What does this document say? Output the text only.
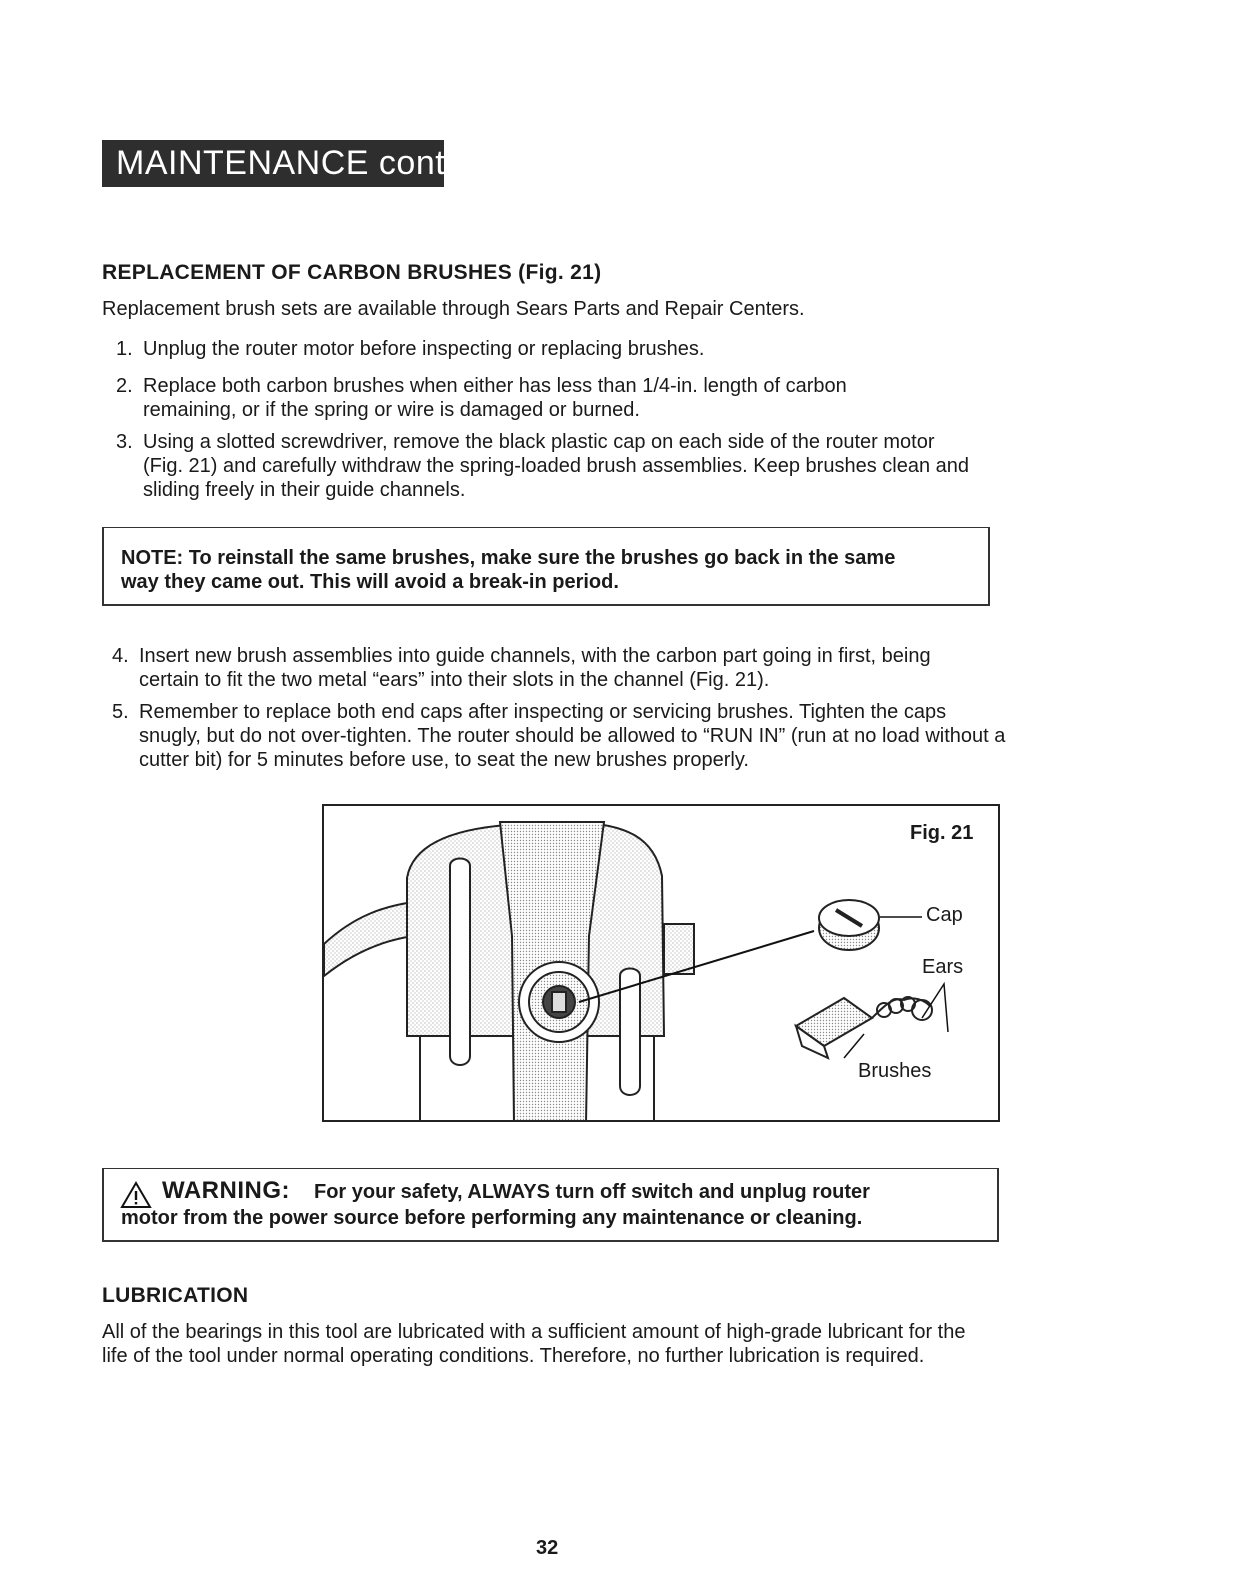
MAINTENANCE cont.
REPLACEMENT OF CARBON BRUSHES (Fig. 21)
Replacement brush sets are available through Sears Parts and Repair Centers.
1. Unplug the router motor before inspecting or replacing brushes.
2. Replace both carbon brushes when either has less than 1/4-in. length of carbon remaining, or if the spring or wire is damaged or burned.
3. Using a slotted screwdriver, remove the black plastic cap on each side of the router motor (Fig. 21) and carefully withdraw the spring-loaded brush assemblies. Keep brushes clean and sliding freely in their guide channels.
NOTE: To reinstall the same brushes, make sure the brushes go back in the same way they came out. This will avoid a break-in period.
4. Insert new brush assemblies into guide channels, with the carbon part going in first, being certain to fit the two metal “ears” into their slots in the channel (Fig. 21).
5. Remember to replace both end caps after inspecting or servicing brushes. Tighten the caps snugly, but do not over-tighten. The router should be allowed to “RUN IN” (run at no load without a cutter bit) for 5 minutes before use, to seat the new brushes properly.
Fig. 21
Cap
Ears
Brushes
WARNING: For your safety, ALWAYS turn off switch and unplug router
motor from the power source before performing any maintenance or cleaning.
LUBRICATION
All of the bearings in this tool are lubricated with a sufficient amount of high-grade lubricant for the life of the tool under normal operating conditions. Therefore, no further lubrication is required.
32
